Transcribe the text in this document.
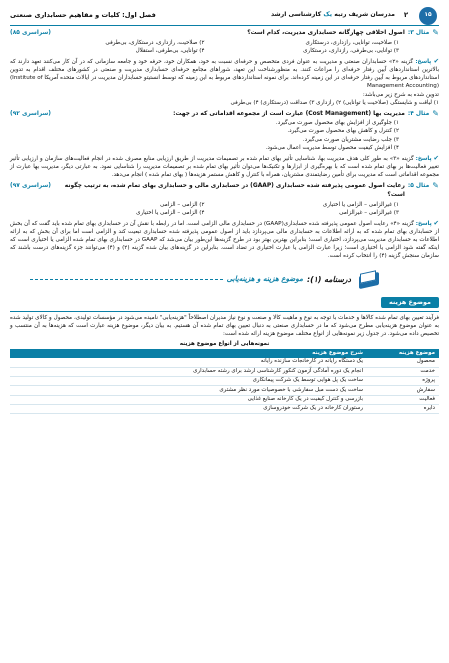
۱۵
۲
مدرسان شریف رتبه یک کارشناسی ارشد
فصل اول: کلیات و مفاهیم حسابداری صنعتی
✎
مثال ۳:
اصول اخلاقی چهارگانه حسابداری مدیریت، کدام است؟
(سراسری ۸۵)
۱) صلاحیت، توانایی، رازداری، درستکاری
۲) صلاحیت، رازداری، درستکاری، بی‌طرفی
۳) توانایی، بی‌طرفی، رازداری، درستکاری
۴) توانایی، بی‌طرفی، استقلال
✔ پاسخ: گزینه «۲» حسابداران صنعتی و مدیریت به عنوان فردی متخصص و حرفه‌ای نسبت به خود، همکاران خود، حرفه خود و جامعه سازمانی که در آن کار می‌کنند تعهد دارند که بالاترین استانداردهای آیین رفتار حرفه‌ای را مراعات کنند. به منظورشناخت این تعهد، شوراهای مجامع حرفه‌ای حسابداری مدیریت و صنعتی در کشورهای مختلف اقدام به تدوین استانداردهای مربوط به آیین رفتار حرفه‌ای در این زمینه کرده‌اند. برای نمونه استانداردهای مربوط به این زمینه که توسط انستیتو حسابداران مدیریت در ایالات متحده آمریکا (Institute of Management Accounting)
تدوین شده به شرح زیر می‌باشد:
۱) لیاقت و شایستگی (صلاحیت یا توانایی) ۲) رازداری ۳) صداقت (درستکاری) ۴) بی‌طرفی
✎
مثال ۴:
مدیریت بها (Cost Management) عبارت است از مجموعه اقداماتی که در جهت:
(سراسری ۹۲)
۱) جلوگیری از افزایش بهای محصول صورت می‌گیرد.
۲) کنترل و کاهش بهای محصول صورت می‌گیرد.
۳) جلب رضایت مشتریان صورت می‌گیرد.
۴) افزایش کیفیت محصول توسط مدیریت اعمال می‌شود.
✔ پاسخ: گزینه «۳» به طور کلی هدف مدیریت بها، شناسایی تأثیر بهای تمام شده بر تصمیمات مدیریت از طریق ارزیابی منابع مصرف شده در انجام فعالیت‌های سازمان و ارزیابی تأثیر تغییر فعالیت‌ها بر بهای تمام شده است که با بهره‌گیری از ابزارها و تکنیک‌ها می‌توان تأثیر بهای تمام شده بر تصمیمات مدیریت را شناسایی نمود. به عبارتی دیگر، مدیریت بها عبارت از مجموعه اقداماتی است که مدیریت برای تأمین رضایتمندی مشتریان، همراه با کنترل و کاهش مستمر هزینه‌ها ( بهای تمام شده ) انجام می‌دهد.
✎
مثال ۵:
رعایت اصول عمومی پذیرفته شده حسابداری (GAAP) در حسابداری مالی و حسابداری بهای تمام شده، به ترتیب چگونه است؟
(سراسری ۹۷)
۱) غیرالزامی – الزامی یا اختیاری
۲) الزامی – الزامی
۳) غیرالزامی – غیرالزامی
۴) الزامی – الزامی یا اختیاری
✔ پاسخ: گزینه «۴» رعایت اصول عمومی پذیرفته شده حسابداری(GAAP) در حسابداری مالی الزامی است. اما در رابطه با نقش آن در حسابداری بهای تمام شده باید گفت که آن بخش از حسابداری بهای تمام شده که به ارائه اطلاعات به حسابداری مالی می‌پردازد باید از اصول عمومی پذیرفته شده حسابداری تبعیت کند و الزامی است اما برای آن بخش که به ارائه اطلاعات به حسابداری مدیریت می‌پردازد، اختیاری است؛ بنابراین بهترین بهتر بود در طرح گزینه‌ها این‌طور بیان می‌شد که GAAP در حسابداری بهای تمام شده الزامی یا اختیاری است که اینکه گفته شود الزامی یا اختیاری است؛ زیرا عبارت الزامی یا عبارت اختیاری در تضاد است. بنابراین در گزینه‌های بیان شده گزینه (۲) و (۴) می‌توانند جزء گزینه‌های درست باشند که سازمان سنجش گزینه (۴) را انتخاب کرده است.
درسنامه (۱):
موضوع هزینه و هزینه‌یابی
موضوع هزینه
فرآیند تعیین بهای تمام شده کالاها و خدمات با توجه به نوع و ماهیت کالا و صنعت و نوع نیاز مدیران اصطلاحاً "هزینه‌یابی" نامیده می‌شود در مؤسسات تولیدی، محصول و کالای تولید شده به عنوان موضوع هزینه‌یابی مطرح می‌شود که ما در حسابداری صنعتی به دنبال تعیین بهای تمام شده آن هستیم. به بیان دیگر، موضوع هزینه عبارت است که هزینه‌ها به آن منتسب و تخصیص داده می‌شود. در جدول زیر نمونه‌هایی از انواع مختلف موضوع هزینه ارائه شده است:
نمونه‌هایی از انواع موضوع هزینه
موضوع هزینه	شرح موضوع هزینه
محصول	یک دستگاه رایانه در کارخانجات سازنده رایانه
خدمت	انجام یک دوره آمادگی آزمون کنکور کارشناسی ارشد برای رشته حسابداری
پروژه	ساخت یک پل هوایی توسط یک شرکت پیمانکاری
سفارش	ساخت یک دست مبل سفارشی با خصوصیات مورد نظر مشتری
فعالیت	بازرسی و کنترل کیفیت در یک کارخانه صنایع غذایی
دایره	رستوران کارخانه در یک شرکت خودروسازی
